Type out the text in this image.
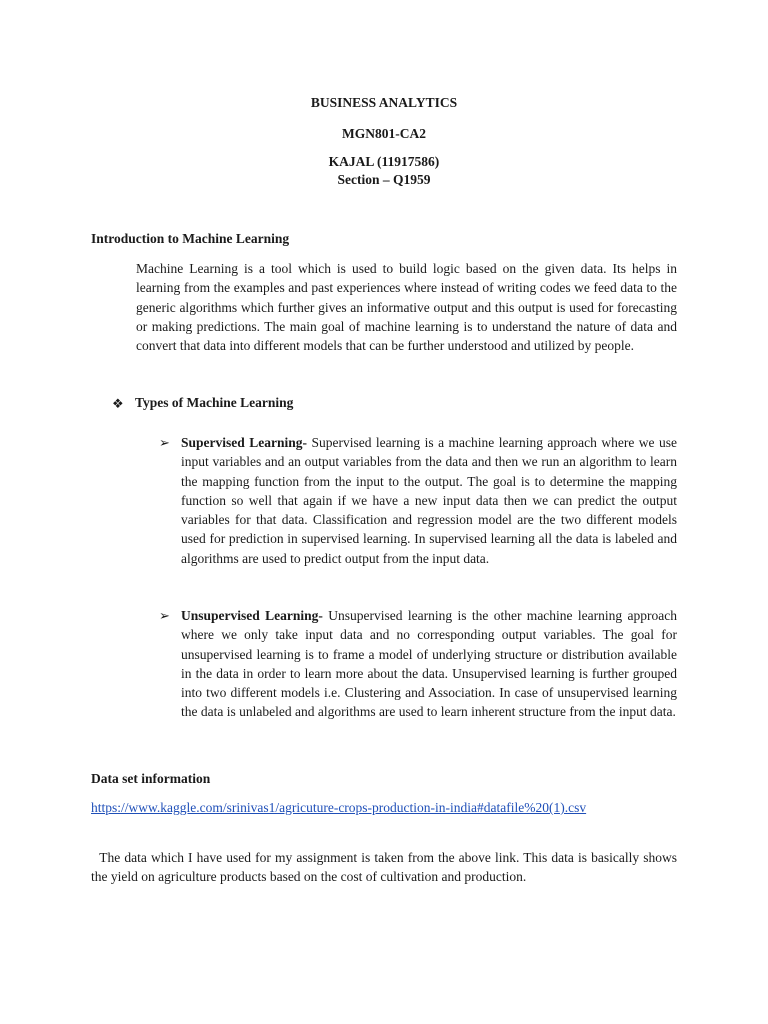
BUSINESS ANALYTICS
MGN801-CA2
KAJAL (11917586)
Section – Q1959
Introduction to Machine Learning

Machine Learning is a tool which is used to build logic based on the given data. Its helps in learning from the examples and past experiences where instead of writing codes we feed data to the generic algorithms which further gives an informative output and this output is used for forecasting or making predictions. The main goal of machine learning is to understand the nature of data and convert that data into different models that can be further understood and utilized by people.

❖ Types of Machine Learning
➢ Supervised Learning- Supervised learning is a machine learning approach where we use input variables and an output variables from the data and then we run an algorithm to learn the mapping function from the input to the output. The goal is to determine the mapping function so well that again if we have a new input data then we can predict the output variables for that data. Classification and regression model are the two different models used for prediction in supervised learning. In supervised learning all the data is labeled and algorithms are used to predict output from the input data.

➢ Unsupervised Learning- Unsupervised learning is the other machine learning approach where we only take input data and no corresponding output variables. The goal for unsupervised learning is to frame a model of underlying structure or distribution available in the data in order to learn more about the data. Unsupervised learning is further grouped into two different models i.e. Clustering and Association. In case of unsupervised learning the data is unlabeled and algorithms are used to learn inherent structure from the input data.

Data set information
https://www.kaggle.com/srinivas1/agricuture-crops-production-in-india#datafile%20(1).csv

The data which I have used for my assignment is taken from the above link. This data is basically shows the yield on agriculture products based on the cost of cultivation and production.
